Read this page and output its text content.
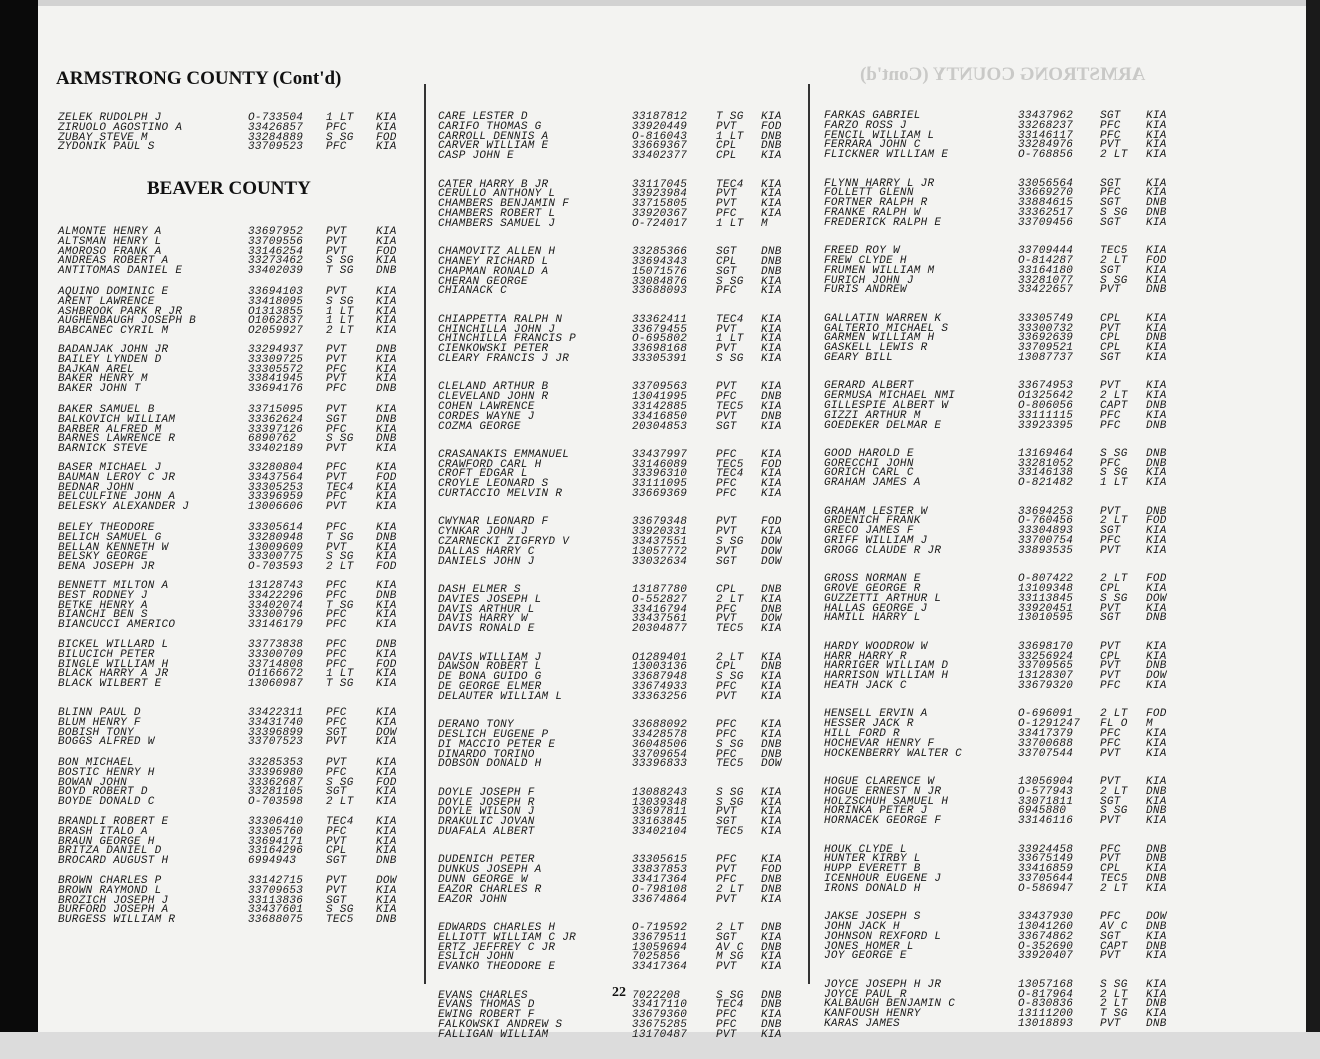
ARMSTRONG COUNTY (Cont'd)
ARMSTRONG COUNTY (Cont'd)
BEAVER COUNTY
ZELEK RUDOLPH J	O-733504 1 LT KIA
ZIRUOLO AGOSTINO A	33426857 PFC	KIA
ZUBAY STEVE M	33284889 S SG FOD
ZYDONIK PAUL S	33709523 PFC	KIA
ALMONTE HENRY A	33697952 PVT	KIA
ALTSMAN HENRY L	33709556 PVT	KIA
AMOROSO FRANK A	33146254 PVT	FOD
ANDREAS ROBERT A	33273462 S SG KIA
ANTITOMAS DANIEL E	33402039 T SG DNB
AQUINO DOMINIC E	33694103 PVT	KIA
ARENT LAWRENCE	33418095 S SG KIA
ASHBROOK PARK R JR	O1313855 1 LT KIA
AUGHENBAUGH JOSEPH B	O1062837 1 LT KIA
BABCANEC CYRIL M	O2059927 2 LT KIA
BADANJAK JOHN JR	33294937 PVT	DNB
BAILEY LYNDEN D	33309725 PVT	KIA
BAJKAN AREL	33305572 PFC	KIA
BAKER HENRY M	33841945 PVT	KIA
BAKER JOHN T	33694176 PFC	DNB
BAKER SAMUEL B	33715095 PVT	KIA
BALKOVICH WILLIAM	33362624 SGT	DNB
BARBER ALFRED M	33397126 PFC	KIA
BARNES LAWRENCE R	6890762	S SG DNB
BARNICK STEVE	33402189 PVT	KIA
BASER MICHAEL J	33280804 PFC	KIA
BAUMAN LEROY C JR	33437564 PVT	FOD
BEDNAR JOHN	33305253 TEC4 KIA
BELCULFINE JOHN A	33396959 PFC	KIA
BELESKY ALEXANDER J	13006606 PVT	KIA
BELEY THEODORE	33305614 PFC	KIA
BELICH SAMUEL G	33280948 T SG DNB
BELLAN KENNETH W	13009609 PVT	KIA
BELSKY GEORGE	33300775 S SG KIA
BENA JOSEPH JR	O-703593 2 LT FOD
BENNETT MILTON A	13128743 PFC	KIA
BEST RODNEY J	33422296 PFC	DNB
BETKE HENRY A	33402074 T SG KIA
BIANCHI BEN S	33300796 PFC	KIA
BIANCUCCI AMERICO	33146179 PFC	KIA
BICKEL WILLARD L	33773838 PFC	DNB
BILUCICH PETER	33300709 PFC	KIA
BINGLE WILLIAM H	33714808 PFC	FOD
BLACK HARRY A JR	O1166672 1 LT KIA
BLACK WILBERT E	13060987 T SG KIA
BLINN PAUL D	33422311 PFC	KIA
BLUM HENRY F	33431740 PFC	KIA
BOBISH TONY	33396899 SGT	DOW
BOGGS ALFRED W	33707523 PVT	KIA
BON MICHAEL	33285353 PVT	KIA
BOSTIC HENRY H	33396980 PFC	KIA
BOWAN JOHN	33362687 S SG FOD
BOYD ROBERT D	33281105 SGT	KIA
BOYDE DONALD C	O-703598 2 LT KIA
BRANDLI ROBERT E	33306410 TEC4 KIA
BRASH ITALO A	33305760 PFC	KIA
BRAUN GEORGE H	33694171 PVT	KIA
BRITZA DANIEL D	33164296 CPL	KIA
BROCARD AUGUST H	6994943	SGT	DNB
BROWN CHARLES P	33142715 PVT	DOW
BROWN RAYMOND L	33709653 PVT	KIA
BROZICH JOSEPH J	33113836 SGT	KIA
BURFORD JOSEPH A	33437601 S SG KIA
BURGESS WILLIAM R	33688075 TEC5 DNB
CARE LESTER D	33187812	T SG KIA
CARIFO THOMAS G	33920449	PVT FOD
CARROLL DENNIS A	O-816043	1 LT DNB
CARVER WILLIAM E	33669367	CPL DNB
CASP JOHN E	33402377	CPL KIA
CATER HARRY B JR	33117045	TEC4 KIA
CERULLO ANTHONY L	33923984	PVT KIA
CHAMBERS BENJAMIN F	33715805	PVT KIA
CHAMBERS ROBERT L	33920367	PFC KIA
CHAMBERS SAMUEL J	O-724017	1 LT M
CHAMOVITZ ALLEN H	33285366	SGT DNB
CHANEY RICHARD L	33694343	CPL DNB
CHAPMAN RONALD A	15071576	SGT DNB
CHERAN GEORGE	33084876	S SG KIA
CHIANACK C	33688093	PFC KIA
CHIAPPETTA RALPH N	33362411	TEC4 KIA
CHINCHILLA JOHN J	33679455	PVT KIA
CHINCHILLA FRANCIS P	O-695802	1 LT KIA
CIENKOWSKI PETER	33698168	PVT KIA
CLEARY FRANCIS J JR	33305391	S SG KIA
CLELAND ARTHUR B	33709563	PVT KIA
CLEVELAND JOHN R	13041995	PFC DNB
COHEN LAWRENCE	33142885	TEC5 KIA
CORDES WAYNE J	33416850	PVT DNB
COZMA GEORGE	20304853	SGT KIA
CRASANAKIS EMMANUEL	33437997	PFC KIA
CRAWFORD CARL H	33146089	TEC5 FOD
CROFT EDGAR L	33396310	TEC4 KIA
CROYLE LEONARD S	33111095	PFC KIA
CURTACCIO MELVIN R	33669369	PFC KIA
CWYNAR LEONARD F	33679348	PVT FOD
CYNKAR JOHN J	33920331	PVT KIA
CZARNECKI ZIGFRYD V	33437551	S SG DOW
DALLAS HARRY C	13057772	PVT DOW
DANIELS JOHN J	33032634	SGT DOW
DASH ELMER S	13187780	CPL DNB
DAVIES JOSEPH L	O-552827	2 LT KIA
DAVIS ARTHUR L	33416794	PFC DNB
DAVIS HARRY W	33437561	PVT DOW
DAVIS RONALD E	20304877	TEC5 KIA
DAVIS WILLIAM J	O1289401	2 LT KIA
DAWSON ROBERT L	13003136	CPL DNB
DE BONA GUIDO G	33687948	S SG KIA
DE GEORGE ELMER	33674933	PFC KIA
DELAUTER WILLIAM L	33363256	PVT KIA
DERANO TONY	33688092	PFC KIA
DESLICH EUGENE P	33428578	PFC KIA
DI MACCIO PETER E	36048506	S SG DNB
DINARDO TORINO	33709654	PFC DNB
DOBSON DONALD H	33396833	TEC5 DOW
DOYLE JOSEPH F	13088243	S SG KIA
DOYLE JOSEPH R	13039348	S SG KIA
DOYLE WILSON J	33697811	PVT KIA
DRAKULIC JOVAN	33163845	SGT KIA
DUAFALA ALBERT	33402104	TEC5 KIA
DUDENICH PETER	33305615	PFC KIA
DUNKUS JOSEPH A	33837853	PVT FOD
DUNN GEORGE W	33417364	PFC DNB
EAZOR CHARLES R	O-798108	2 LT DNB
EAZOR JOHN	33674864	PVT KIA
EDWARDS CHARLES H	O-719592	2 LT DNB
ELLIOTT WILLIAM C JR	33679511	SGT KIA
ERTZ JEFFREY C JR	13059694	AV C DNB
ESLICH JOHN	7025856	M SG KIA
EVANKO THEODORE E	33417364	PVT KIA
EVANS CHARLES	7022208	S SG DNB
EVANS THOMAS D	33417110	TEC4 DNB
EWING ROBERT F	33679360	PFC KIA
FALKOWSKI ANDREW S	33675285	PFC DNB
FALLIGAN WILLIAM	13170487	PVT KIA
FARKAS GABRIEL	33437962 SGT KIA
FARZO ROSS J	33268237 PFC KIA
FENCIL WILLIAM L	33146117 PFC KIA
FERRARA JOHN C	33284976 PVT KIA
FLICKNER WILLIAM E	O-768856 2 LT KIA
FLYNN HARRY L JR	33056564 SGT KIA
FOLLETT GLENN	33669270 PFC KIA
FORTNER RALPH R	33884615 SGT DNB
FRANKE RALPH W	33362517 S SG DNB
FREDERICK RALPH E	33709456 SGT KIA
FREED ROY W	33709444 TEC5 KIA
FREW CLYDE H	O-814287 2 LT FOD
FRUMEN WILLIAM M	33164180 SGT KIA
FURICH JOHN J	33281077 S SG KIA
FURIS ANDREW	33422657 PVT DNB
GALLATIN WARREN K	33305749 CPL KIA
GALTERIO MICHAEL S	33300732 PVT KIA
GARMEN WILLIAM H	33692639 CPL DNB
GASKELL LEWIS R	33709521 CPL KIA
GEARY BILL	13087737 SGT KIA
GERARD ALBERT	33674953 PVT KIA
GERMUSA MICHAEL NMI	O1325642 2 LT KIA
GILLESPIE ALBERT W	O-806056 CAPT DNB
GIZZI ARTHUR M	33111115 PFC KIA
GOEDEKER DELMAR E	33923395 PFC DNB
GOOD HAROLD E	13169464 S SG DNB
GORECCHI JOHN	33281052 PFC DNB
GORICH CARL C	33146138 S SG KIA
GRAHAM JAMES A	O-821482 1 LT KIA
GRAHAM LESTER W	33694253 PVT DNB
GRDENICH FRANK	O-760456 2 LT FOD
GRECO JAMES F	33304893 SGT KIA
GRIFF WILLIAM J	33700754 PFC KIA
GROGG CLAUDE R JR	33893535 PVT KIA
GROSS NORMAN E	O-807422 2 LT FOD
GROVE GEORGE R	13109348 CPL KIA
GUZZETTI ARTHUR L	33113845 S SG DOW
HALLAS GEORGE J	33920451 PVT KIA
HAMILL HARRY L	13010595 SGT DNB
HARDY WOODROW W	33698170 PVT KIA
HARR HARRY R	33256924 CPL KIA
HARRIGER WILLIAM D	33709565 PVT DNB
HARRISON WILLIAM H	13128307 PVT DOW
HEATH JACK C	33679320 PFC KIA
HENSELL ERVIN A	O-696091 2 LT FOD
HESSER JACK R	O-1291247 FL O M
HILL FORD R	33417379 PFC KIA
HOCHEVAR HENRY F	33700688 PFC KIA
HOCKENBERRY WALTER C	33707544 PVT KIA
HOGUE CLARENCE W	13056904 PVT KIA
HOGUE ERNEST N JR	O-577943 2 LT DNB
HOLZSCHUH SAMUEL H	33071811 SGT KIA
HORINKA PETER J	6945880	S SG DNB
HORNACEK GEORGE F	33146116 PVT KIA
HOUK CLYDE L	33924458 PFC DNB
HUNTER KIRBY L	33675149 PVT DNB
HUPP EVERETT B	33416859 CPL KIA
ICENHOUR EUGENE J	33705644 TEC5 DNB
IRONS DONALD H	O-586947 2 LT KIA
JAKSE JOSEPH S	33437930 PFC DOW
JOHN JACK H	13041260 AV C DNB
JOHNSON REXFORD L	33674862 SGT KIA
JONES HOMER L	O-352690 CAPT DNB
JOY GEORGE E	33920407 PVT KIA
JOYCE JOSEPH H JR	13057168 S SG KIA
JOYCE PAUL R	O-817964 2 LT KIA
KALBAUGH BENJAMIN C	O-830836 2 LT DNB
KANFOUSH HENRY	13111200 T SG KIA
KARAS JAMES	13018893 PVT DNB
22
